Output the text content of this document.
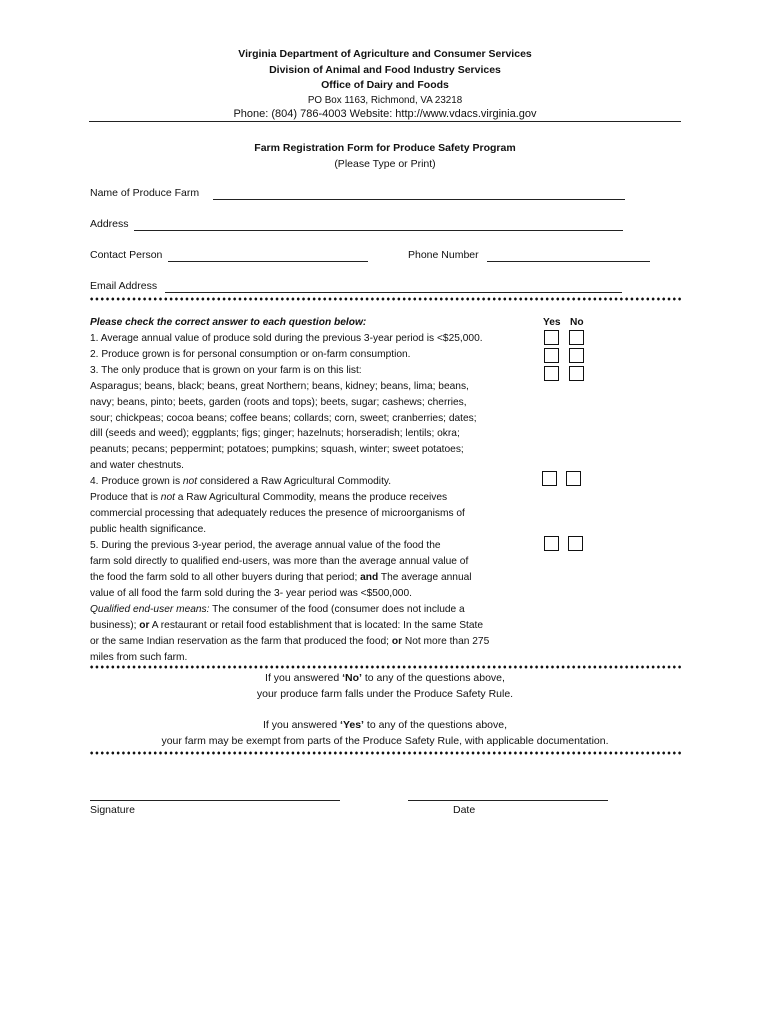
Virginia Department of Agriculture and Consumer Services
Division of Animal and Food Industry Services
Office of Dairy and Foods
PO Box 1163, Richmond, VA 23218
Phone: (804) 786-4003 Website: http://www.vdacs.virginia.gov
Farm Registration Form for Produce Safety Program
(Please Type or Print)
Name of Produce Farm
Address
Contact Person	Phone Number
Email Address
Please check the correct answer to each question below:	Yes No
1. Average annual value of produce sold during the previous 3-year period is <$25,000.
2. Produce grown is for personal consumption or on-farm consumption.
3. The only produce that is grown on your farm is on this list:
Asparagus; beans, black; beans, great Northern; beans, kidney; beans, lima; beans,
navy; beans, pinto; beets, garden (roots and tops); beets, sugar; cashews; cherries,
sour; chickpeas; cocoa beans; coffee beans; collards; corn, sweet; cranberries; dates;
dill (seeds and weed); eggplants; figs; ginger; hazelnuts; horseradish; lentils; okra;
peanuts; pecans; peppermint; potatoes; pumpkins; squash, winter; sweet potatoes;
and water chestnuts.
4. Produce grown is not considered a Raw Agricultural Commodity.
Produce that is not a Raw Agricultural Commodity, means the produce receives
commercial processing that adequately reduces the presence of microorganisms of
public health significance.
5. During the previous 3-year period, the average annual value of the food the
farm sold directly to qualified end-users, was more than the average annual value of
the food the farm sold to all other buyers during that period; and The average annual
value of all food the farm sold during the 3- year period was <$500,000.
Qualified end-user means: The consumer of the food (consumer does not include a
business); or A restaurant or retail food establishment that is located: In the same State
or the same Indian reservation as the farm that produced the food; or Not more than 275
miles from such farm.
If you answered ‘No’ to any of the questions above,
your produce farm falls under the Produce Safety Rule.
If you answered ‘Yes’ to any of the questions above,
your farm may be exempt from parts of the Produce Safety Rule, with applicable documentation.
Signature	Date
